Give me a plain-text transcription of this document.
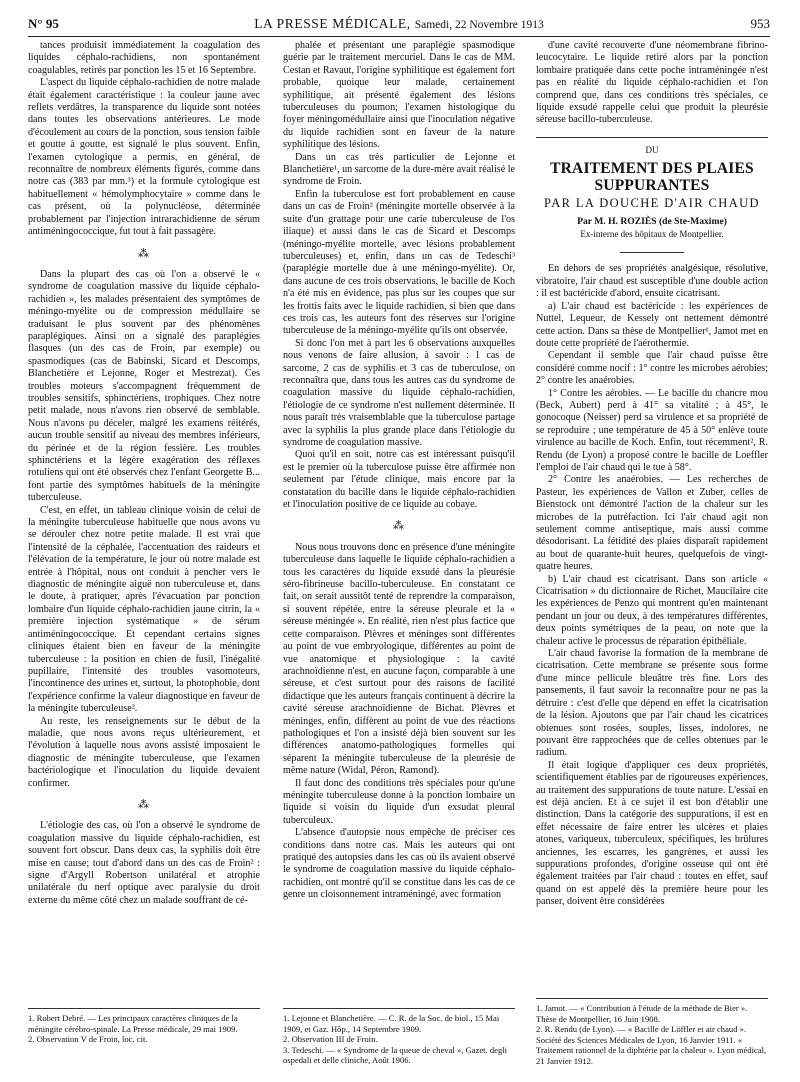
N° 95	LA PRESSE MÉDICALE, Samedi, 22 Novembre 1913	953

tances produisit immédiatement la coagulation des liquides céphalo-rachidiens, non spontanément coagulables, retirés par ponction les 15 et 16 Septembre.

L'aspect du liquide céphalo-rachidien de notre malade était également caractéristique : la couleur jaune avec reflets verdâtres, la transparence du liquide sont notées dans toutes les observations antérieures. Le mode d'écoulement au cours de la ponction, sous tension faible et goutte à goutte, est signalé le plus souvent. Enfin, l'examen cytologique a permis, en général, de reconnaître de nombreux éléments figurés, comme dans notre cas (383 par mm.³) et la formule cytologique est habituellement « hémolymphocytaire » comme dans le cas présent, où la polynucléose, déterminée probablement par l'injection intrarachidienne de sérum antiméningococcique, fut tout à fait passagère.

⁂

Dans la plupart des cas où l'on a observé le « syndrome de coagulation massive du liquide céphalo-rachidien », les malades présentaient des symptômes de méningo-myélite ou de compression médullaire se traduisant le plus souvent par des phénomènes paraplégiques. Ainsi on a signalé des paraplégies flasques (un des cas de Froin, par exemple) ou spasmodiques (cas de Babinski, Sicard et Descomps, Blanchetière et Lejonne, Roger et Mestrezat). Ces troubles moteurs s'accompagnent fréquemment de troubles sensitifs, sphinctériens, trophiques. Chez notre petit malade, nous n'avons rien observé de semblable. Nous n'avons pu déceler, malgré les examens réitérés, aucun trouble sensitif au niveau des membres inférieurs, du périnée et de la région fessière. Les troubles sphinctériens et la légère exagération des réflexes rotuliens qui ont été observés chez l'enfant Georgette B... font partie des symptômes habituels de la méningite tuberculeuse.

C'est, en effet, un tableau clinique voisin de celui de la méningite tuberculeuse habituelle que nous avons vu se dérouler chez notre petite malade. Il est vrai que l'intensité de la céphalée, l'accentuation des raideurs et l'élévation de la température, le jour où notre malade est entrée à l'hôpital, nous ont conduit à pencher vers le diagnostic de méningite aiguë non tuberculeuse et, dans le doute, à pratiquer, après l'évacuation par ponction lombaire d'un liquide céphalo-rachidien jaune citrin, la « première injection systématique » de sérum antiméningococcique. Et cependant certains signes cliniques étaient bien en faveur de la méningite tuberculeuse : la position en chien de fusil, l'inégalité pupillaire, l'intensité des troubles vasomoteurs, l'incontinence des urines et, surtout, la photophobie, dont l'expérience confirme la valeur diagnostique en faveur de la méningite tuberculeuse².

Au reste, les renseignements sur le début de la maladie, que nous avons reçus ultérieurement, et l'évolution à laquelle nous avons assisté imposaient le diagnostic de méningite tuberculeuse, que l'examen bactériologique et l'inoculation du liquide devaient confirmer.

⁂

L'étiologie des cas, où l'on a observé le syndrome de coagulation massive du liquide céphalo-rachidien, est souvent fort obscur. Dans deux cas, la syphilis doit être mise en cause; tout d'abord dans un des cas de Froin² : signe d'Argyll Robertson unilatéral et atrophie unilatérale du nerf optique avec paralysie du droit externe du même côté chez un malade souffrant de cé-

1. Robert Debré. — Les principaux caractères cliniques de la méningite cérébro-spinale. La Presse médicale, 29 mai 1909.

2. Observation V de Froin, loc. cit.

phalée et présentant une paraplégie spasmodique guérie par le traitement mercuriel. Dans le cas de MM. Cestan et Ravaut, l'origine syphilitique est également fort probable, quoique leur malade, certainement syphilitique, ait présenté également des lésions tuberculeuses du poumon; l'examen histologique du foyer méningomédullaire ainsi que l'inoculation négative du liquide rachidien sont en faveur de la nature syphilitique des lésions.

Dans un cas très particulier de Lejonne et Blanchetière¹, un sarcome de la dure-mère avait réalisé le syndrome de Froin.

Enfin la tuberculose est fort probablement en cause dans un cas de Froin² (méningite mortelle observée à la suite d'un grattage pour une carie tuberculeuse de l'os iliaque) et aussi dans le cas de Sicard et Descomps (méningo-myélite mortelle, avec lésions probablement tuberculeuses) et, enfin, dans un cas de Tedeschi³ (paraplégie mortelle due à une méningo-myélite). Or, dans aucune de ces trois observations, le bacille de Koch n'a été mis en évidence, pas plus sur les coupes que sur les frottis faits avec le liquide rachidien, si bien que dans ces trois cas, les auteurs font des réserves sur l'origine tuberculeuse de la méningo-myélite qu'ils ont observée.

Si donc l'on met à part les 6 observations auxquelles nous venons de faire allusion, à savoir : 1 cas de sarcome, 2 cas de syphilis et 3 cas de tuberculose, on reconnaîtra que, dans tous les autres cas du syndrome de coagulation massive du liquide céphalo-rachidien, l'étiologie de ce syndrome n'est nullement déterminée. Il nous paraît très vraisemblable que la tuberculose partage avec la syphilis la plus grande place dans l'étiologie du syndrome de coagulation massive.

Quoi qu'il en soit, notre cas est intéressant puisqu'il est le premier où la tuberculose puisse être affirmée non seulement par l'étude clinique, mais encore par la constatation du bacille dans le liquide céphalo-rachidien et l'inoculation positive de ce liquide au cobaye.

⁂

Nous nous trouvons donc en présence d'une méningite tuberculeuse dans laquelle le liquide céphalo-rachidien a tous les caractères du liquide exsudé dans la pleurésie séro-fibrineuse bacillo-tuberculeuse. En constatant ce fait, on serait aussitôt tenté de reprendre la comparaison, si souvent répétée, entre la séreuse pleurale et la « séreuse méningée ». En réalité, rien n'est plus factice que cette comparaison. Plèvres et méninges sont différentes au point de vue embryologique, différentes au point de vue anatomique et physiologique : la cavité arachnoïdienne n'est, en aucune façon, comparable à une séreuse, et c'est surtout pour des raisons de facilité didactique que les auteurs français continuent à décrire la cavité séreuse arachnoïdienne de Bichat. Plèvres et méninges, enfin, diffèrent au point de vue des réactions pathologiques et l'on a insisté déjà bien souvent sur les différences anatomo-pathologiques formelles qui séparent la méningite tuberculeuse de la pleurésie de même nature (Widal, Péron, Ramond).

Il faut donc des conditions très spéciales pour qu'une méningite tuberculeuse donne à la ponction lombaire un liquide si voisin du liquide d'un exsudat pleural tuberculeux.

L'absence d'autopsie nous empêche de préciser ces conditions dans notre cas. Mais les auteurs qui ont pratiqué des autopsies dans les cas où ils avaient observé le syndrome de coagulation massive du liquide céphalo-rachidien, ont montré qu'il se constitue dans les cas de ce genre un cloisonnement intraméningé, avec formation

1. Lejonne et Blanchetière. — C. R. de la Soc. de biol., 15 Mai 1909, et Gaz. Hôp., 14 Septembre 1909.

2. Observation III de Froin.

3. Tedeschi. — « Syndrome de la queue de cheval », Gazet. degli ospedali et delle cliniche, Août 1906.

d'une cavité recouverte d'une néomembrane fibrino-leucocytaire. Le liquide retiré alors par la ponction lombaire pratiquée dans cette poche intraméningée n'est pas en réalité du liquide céphalo-rachidien et l'on comprend que, dans ces conditions très spéciales, ce liquide exsudé rappelle celui que produit la pleurésie séreuse bacillo-tuberculeuse.

DU
TRAITEMENT DES PLAIES SUPPURANTES
PAR LA DOUCHE D'AIR CHAUD
Par M. H. ROZIÈS (de Ste-Maxime)
Ex-interne des hôpitaux de Montpellier.

En dehors de ses propriétés analgésique, résolutive, vibratoire, l'air chaud est susceptible d'une double action : il est bactéricide d'abord, ensuite cicatrisant.

a) L'air chaud est bactéricide : les expériences de Nuttel, Lequeur, de Kessely ont nettement démontré cette action. Dans sa thèse de Montpellier¹, Jamot met en doute cette propriété de l'aérothermie.

Cependant il semble que l'air chaud puisse être considéré comme nocif : 1° contre les microbes aérobies; 2° contre les anaérobies.

1° Contre les aérobies. — Le bacille du chancre mou (Beck, Aubert) perd à 41° sa vitalité ; à 45°, le gonocoque (Neisser) perd sa virulence et sa propriété de se reproduire ; une température de 45 à 50° enlève toute virulence au bacille de Koch. Enfin, tout récemment², R. Rendu (de Lyon) a proposé contre le bacille de Loeffler l'emploi de l'air chaud qui le tue à 58°.

2° Contre les anaérobies. — Les recherches de Pasteur, les expériences de Vallon et Zuber, celles de Bienstock ont démontré l'action de la chaleur sur les microbes de la putréfaction. Ici l'air chaud agit non seulement comme antiseptique, mais aussi comme désodorisant. La fétidité des plaies disparaît rapidement au bout de quarante-huit heures, quelquefois de vingt-quatre heures.

b) L'air chaud est cicatrisant. Dans son article « Cicatrisation » du dictionnaire de Richet, Maucilaire cite les expériences de Penzo qui montrent qu'en maintenant pendant un jour ou deux, à des températures différentes, deux points symétriques de la peau, on note que la chaleur active le processus de réparation épithéliale.

L'air chaud favorise la formation de la membrane de cicatrisation. Cette membrane se présente sous forme d'une mince pellicule bleuâtre très fine. Lors des pansements, il faut savoir la reconnaître pour ne pas la détruire : c'est d'elle que dépend en effet la cicatrisation de la lésion. Ajoutons que par l'air chaud les cicatrices obtenues sont rosées, souples, lisses, indolores, ne pouvant être rapprochées que de celles obtenues par le radium.

Il était logique d'appliquer ces deux propriétés, scientifiquement établies par de rigoureuses expériences, au traitement des suppurations de toute nature. L'essai en est déjà ancien. Et à ce sujet il est bon d'établir une distinction. Dans la catégorie des suppurations, il est en effet nécessaire de faire entrer les ulcères et plaies atones, variqueux, tuberculeux, spécifiques, les brûlures anciennes, les escarres, les gangrènes, et aussi les suppurations profondes, d'origine osseuse qui ont été également traitées par l'air chaud : toutes en effet, sauf quand on est appelé dès la première heure pour les panser, doivent être considérées

1. Jamot. — « Contribution à l'étude de la méthode de Bier ». Thèse de Montpellier, 16 Juin 1908.

2. R. Rendu (de Lyon). — « Bacille de Löffler et air chaud ». Société des Sciences Médicales de Lyon, 16 Janvier 1911. « Traitement rationnel de la diphtérie par la chaleur ». Lyon médical, 21 Janvier 1912.
